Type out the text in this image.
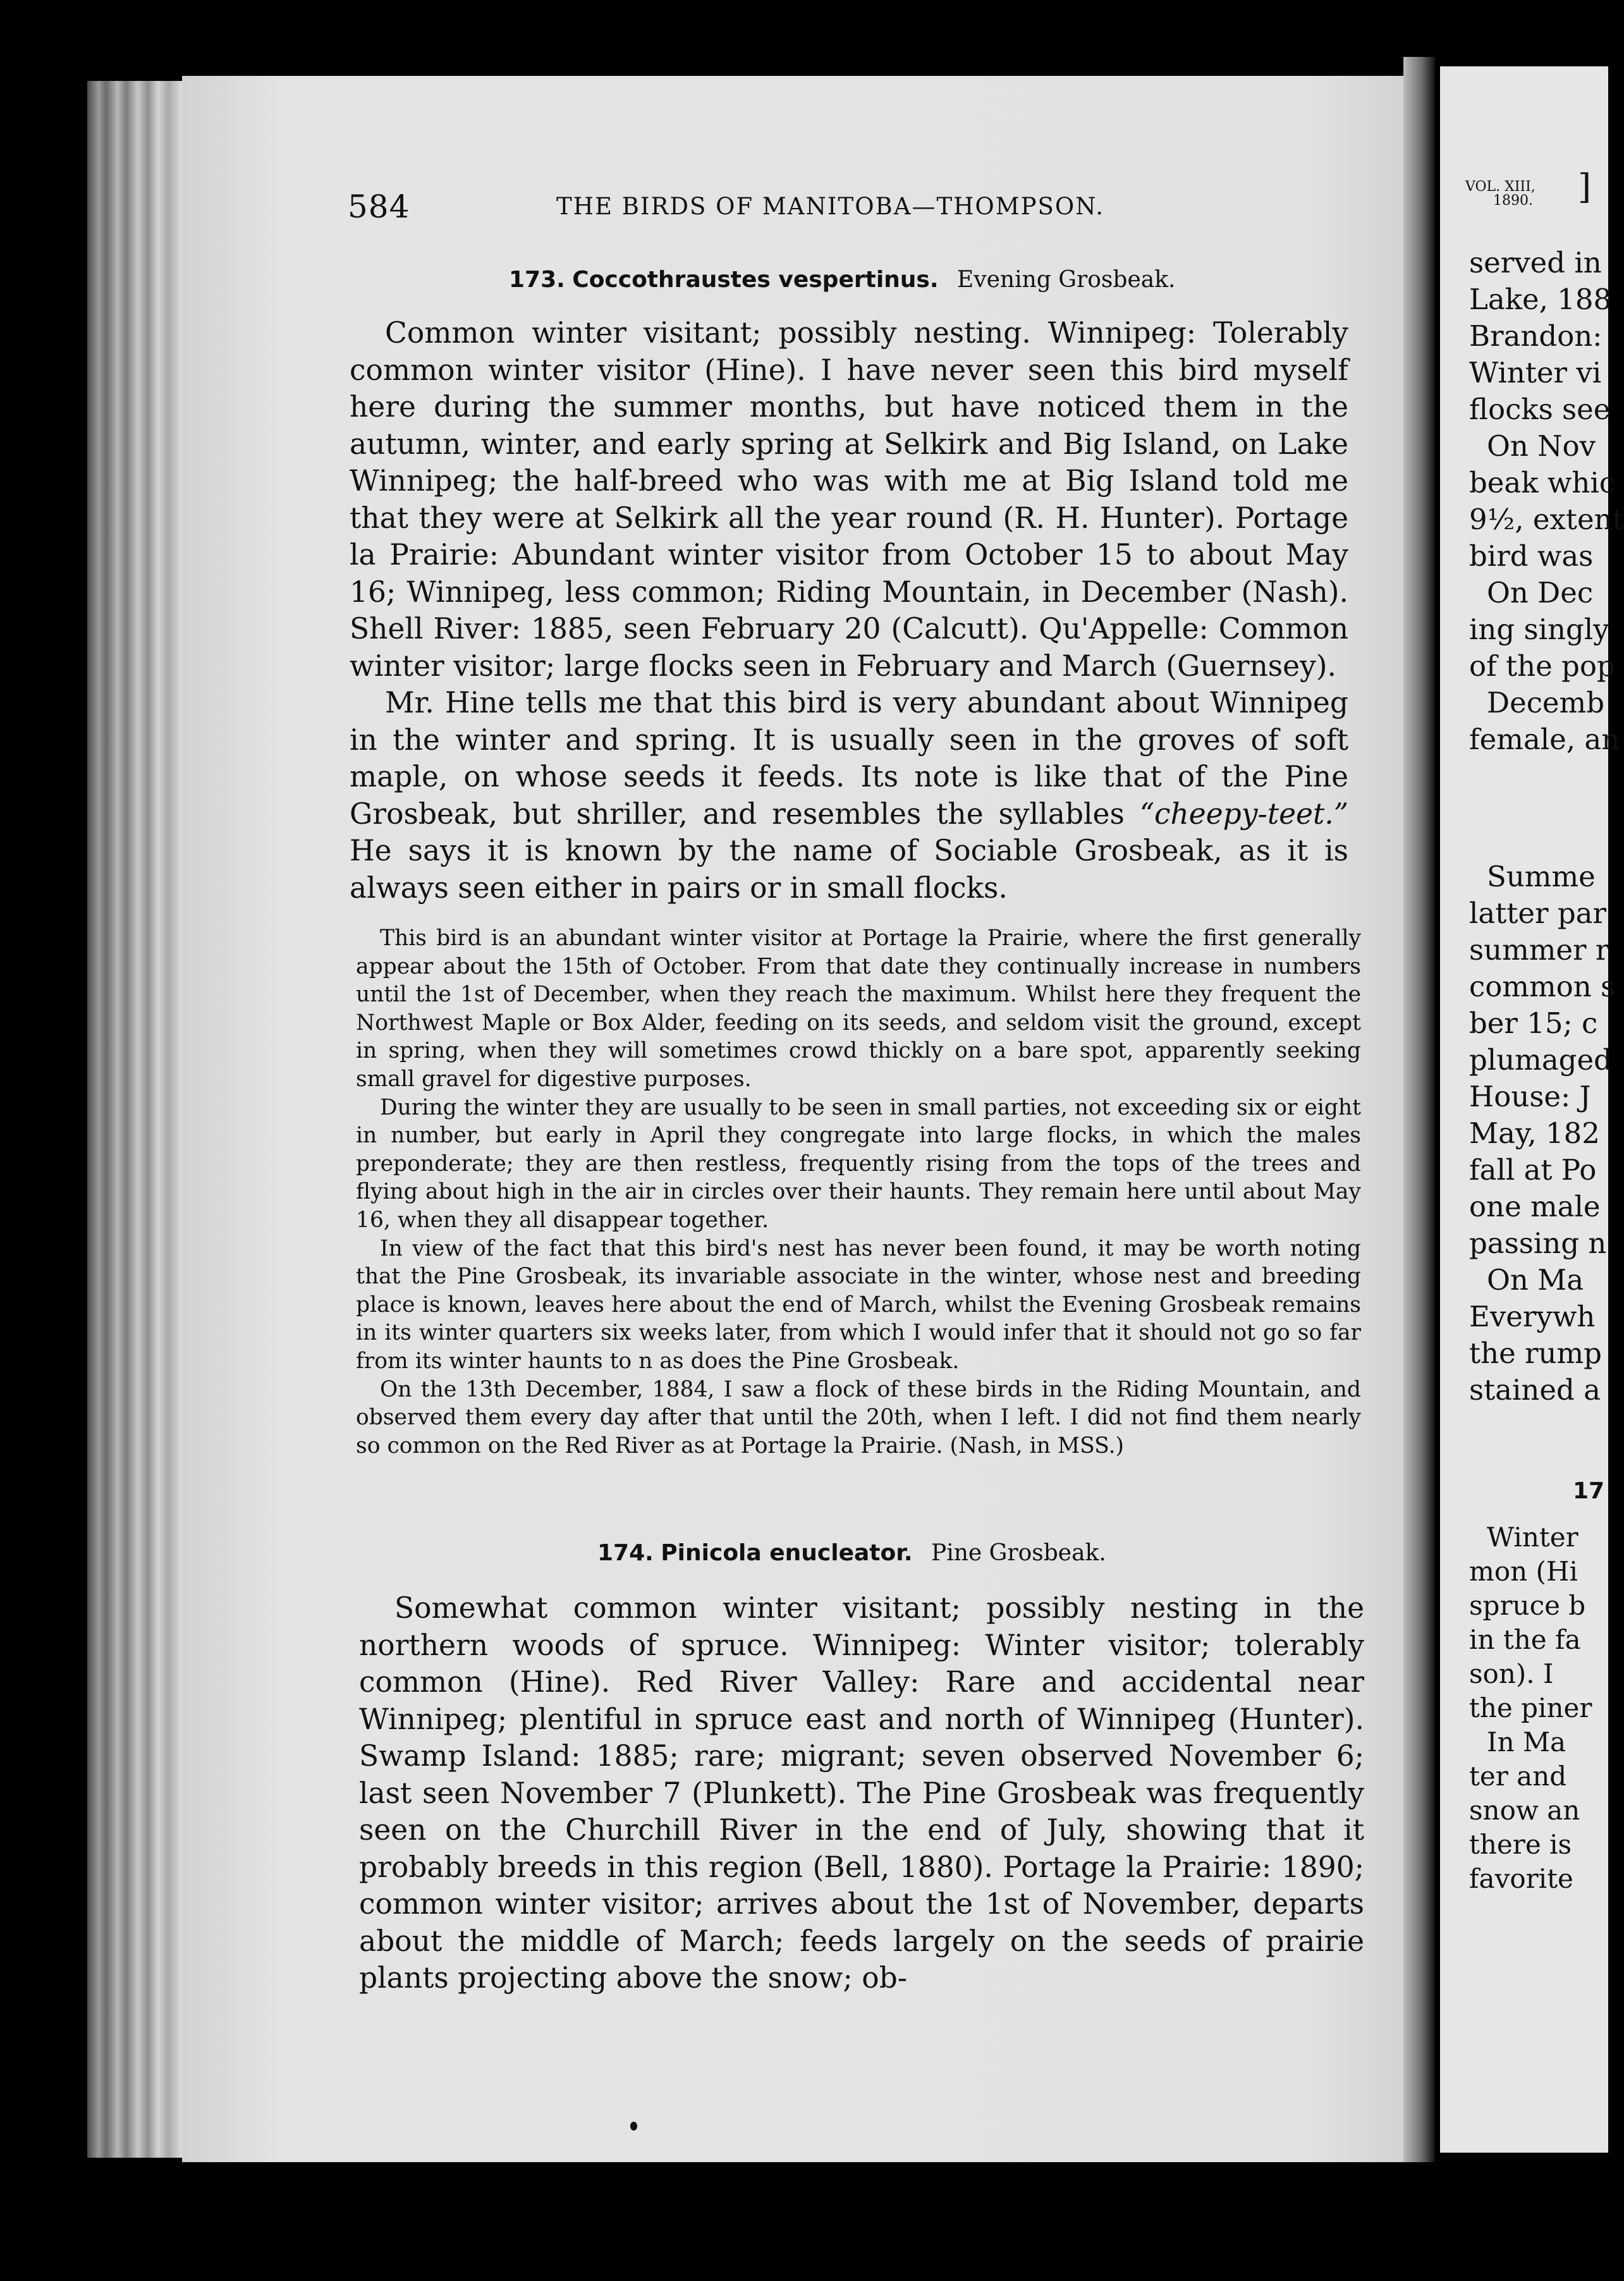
584	THE BIRDS OF MANITOBA—THOMPSON.
173. Coccothraustes vespertinus. Evening Grosbeak.

Common winter visitant; possibly nesting. Winnipeg: Tolerably common winter visitor (Hine). I have never seen this bird myself here during the summer months, but have noticed them in the autumn, winter, and early spring at Selkirk and Big Island, on Lake Winnipeg; the half-breed who was with me at Big Island told me that they were at Selkirk all the year round (R. H. Hunter). Portage la Prairie: Abundant winter visitor from October 15 to about May 16; Winnipeg, less common; Riding Mountain, in December (Nash). Shell River: 1885, seen February 20 (Calcutt). Qu'Appelle: Common winter visitor; large flocks seen in February and March (Guernsey).

Mr. Hine tells me that this bird is very abundant about Winnipeg in the winter and spring. It is usually seen in the groves of soft maple, on whose seeds it feeds. Its note is like that of the Pine Grosbeak, but shriller, and resembles the syllables “cheepy-teet.” He says it is known by the name of Sociable Grosbeak, as it is always seen either in pairs or in small flocks.

This bird is an abundant winter visitor at Portage la Prairie, where the first generally appear about the 15th of October. From that date they continually increase in numbers until the 1st of December, when they reach the maximum. Whilst here they frequent the Northwest Maple or Box Alder, feeding on its seeds, and seldom visit the ground, except in spring, when they will sometimes crowd thickly on a bare spot, apparently seeking small gravel for digestive purposes.

During the winter they are usually to be seen in small parties, not exceeding six or eight in number, but early in April they congregate into large flocks, in which the males preponderate; they are then restless, frequently rising from the tops of the trees and flying about high in the air in circles over their haunts. They remain here until about May 16, when they all disappear together.

In view of the fact that this bird's nest has never been found, it may be worth noting that the Pine Grosbeak, its invariable associate in the winter, whose nest and breeding place is known, leaves here about the end of March, whilst the Evening Grosbeak remains in its winter quarters six weeks later, from which I would infer that it should not go so far from its winter haunts to n as does the Pine Grosbeak.

On the 13th December, 1884, I saw a flock of these birds in the Riding Mountain, and observed them every day after that until the 20th, when I left. I did not find them nearly so common on the Red River as at Portage la Prairie. (Nash, in MSS.)

174. Pinicola enucleator. Pine Grosbeak.

Somewhat common winter visitant; possibly nesting in the northern woods of spruce. Winnipeg: Winter visitor; tolerably common (Hine). Red River Valley: Rare and accidental near Winnipeg; plentiful in spruce east and north of Winnipeg (Hunter). Swamp Island: 1885; rare; migrant; seven observed November 6; last seen November 7 (Plunkett). The Pine Grosbeak was frequently seen on the Churchill River in the end of July, showing that it probably breeds in this region (Bell, 1880). Portage la Prairie: 1890; common winter visitor; arrives about the 1st of November, departs about the middle of March; feeds largely on the seeds of prairie plants projecting above the snow; ob-

VOL. XIII,
1890. ]
served in
Lake, 188
Brandon:
Winter vi
flocks see
On Nov
beak whic
9½, extent
bird was
On Dec
ing singly
of the pop
Decemb
female, an
Summe
latter par
summer r
common s
ber 15; c
plumaged
House: J
May, 182
fall at Po
one male
passing n
On Ma
Everywh
the rump
stained a
17
Winter
mon (Hi
spruce b
in the fa
son). I
the piner
In Ma
ter and
snow an
there is
favorite
